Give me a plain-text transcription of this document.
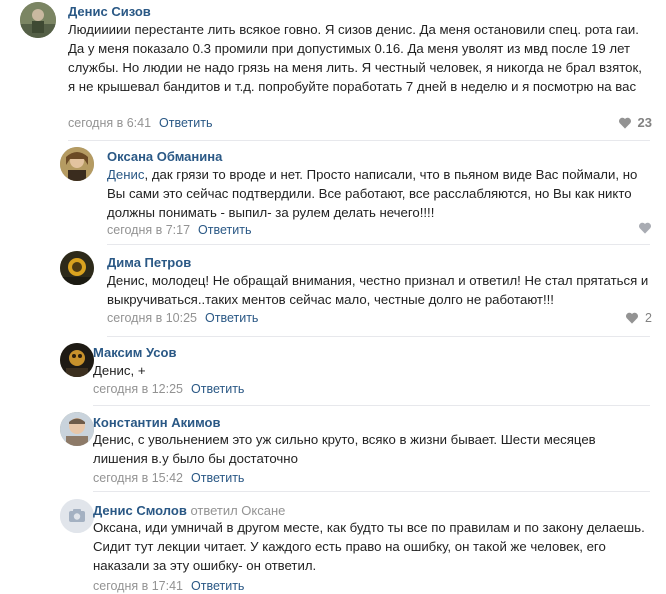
Денис Сизов
Людиииии перестанте лить всякое говно. Я сизов денис. Да меня остановили спец. рота гаи. Да у меня показало 0.3 промили при допустимых 0.16. Да меня уволят из мвд после 19 лет службы. Но людии не надо грязь на меня лить. Я честный человек, я никогда не брал взяток, я не крышевал бандитов и т.д. попробуйте поработать 7 дней в неделю и я посмотрю на вас
сегодня в 6:41 Ответить	23
Оксана Обманина
Денис, дак грязи то вроде и нет. Просто написали, что в пьяном виде Вас поймали, но Вы сами это сейчас подтвердили. Все работают, все расслабляются, но Вы как никто должны понимать - выпил- за рулем делать нечего!!!!
сегодня в 7:17 Ответить
Дима Петров
Денис, молодец! Не обращай внимания, честно признал и ответил! Не стал прятаться и выкручиваться..таких ментов сейчас мало, честные долго не работают!!!
сегодня в 10:25 Ответить	2
Максим Усов
Денис, +
сегодня в 12:25 Ответить
Константин Акимов
Денис, с увольнением это уж сильно круто, всяко в жизни бывает. Шести месяцев лишения в.у было бы достаточно
сегодня в 15:42 Ответить
Денис Смолов ответил Оксане
Оксана, иди умничай в другом месте, как будто ты все по правилам и по закону делаешь. Сидит тут лекции читает. У каждого есть право на ошибку, он такой же человек, его наказали за эту ошибку- он ответил.
сегодня в 17:41 Ответить
